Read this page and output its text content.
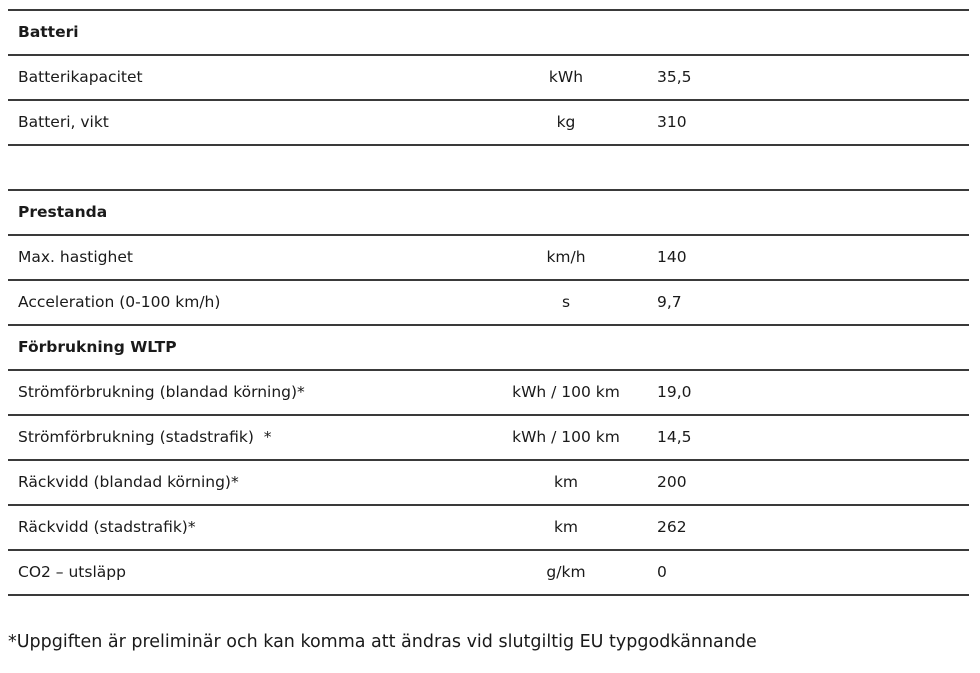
Batteri
Batterikapacitet	kWh	35,5
Batteri, vikt	kg	310
Prestanda
Max. hastighet	km/h	140
Acceleration (0-100 km/h)	s	9,7
Förbrukning WLTP
Strömförbrukning (blandad körning)*	kWh / 100 km	19,0
Strömförbrukning (stadstrafik)  *	kWh / 100 km	14,5
Räckvidd (blandad körning)*	km	200
Räckvidd (stadstrafik)*	km	262
CO2 – utsläpp	g/km	0
*Uppgiften är preliminär och kan komma att ändras vid slutgiltig EU typgodkännande
